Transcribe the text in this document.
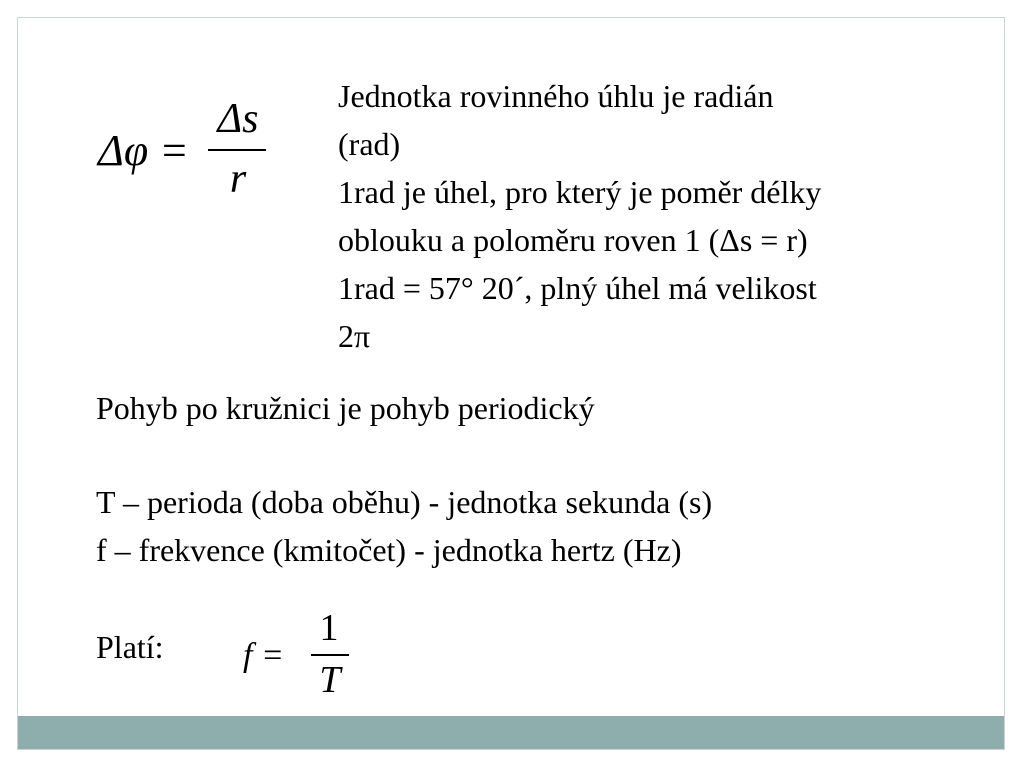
Δφ =
Δs
r
Jednotka rovinného úhlu je radián
(rad)
1rad je úhel, pro který je poměr délky
oblouku a poloměru roven 1 (Δs = r)
1rad = 57° 20´, plný úhel má velikost
2π
Pohyb po kružnici je pohyb periodický
T – perioda (doba oběhu) - jednotka sekunda (s)
f – frekvence (kmitočet) - jednotka hertz (Hz)
Platí: f =
1
T
